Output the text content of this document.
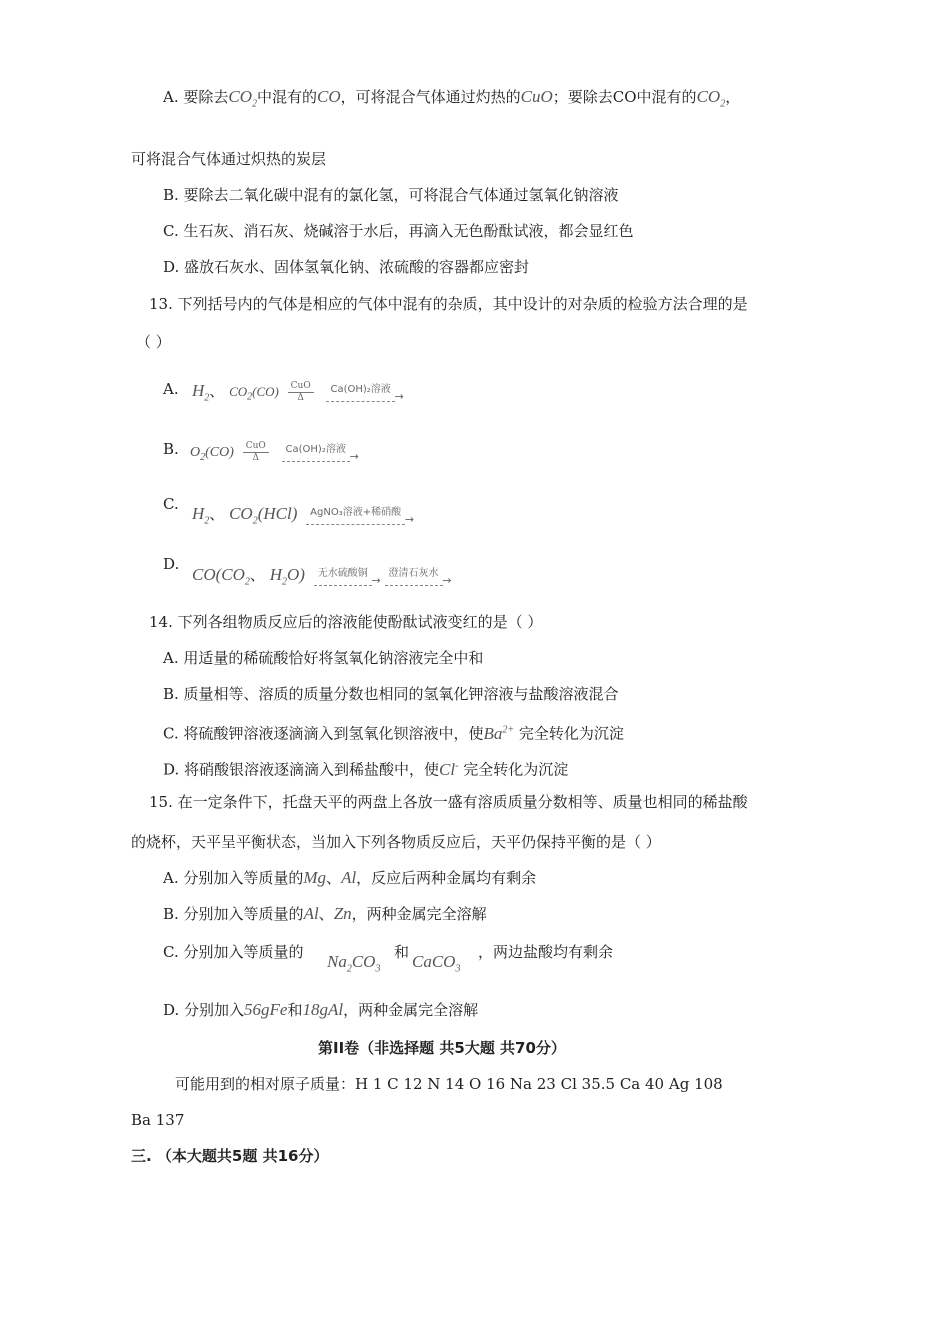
A. 要除去$CO_2$中混有的CO，可将混合气体通过灼热的CuO；要除去CO中混有的$CO_2$，
可将混合气体通过炽热的炭层
B. 要除去二氧化碳中混有的氯化氢，可将混合气体通过氢氧化钠溶液
C. 生石灰、消石灰、烧碱溶于水后，再滴入无色酚酞试液，都会显红色
D. 盛放石灰水、固体氢氧化钠、浓硫酸的容器都应密封
13. 下列括号内的气体是相应的气体中混有的杂质，其中设计的对杂质的检验方法合理的是
（ ）
A. $H_2$、 $CO_2(CO)$	CuO
Δ
Ca(OH)₂溶液 →
B. $O_2(CO)$	CuO
Δ
Ca(OH)₂溶液 →
C. $H_2$、 $CO_2(HCl)$ AgNO₃溶液+稀硝酸 →
D.
$CO(CO_2$、 $H_2O$) 无水硫酸铜 → 澄清石灰水 →
14. 下列各组物质反应后的溶液能使酚酞试液变红的是（ ）
A. 用适量的稀硫酸恰好将氢氧化钠溶液完全中和
B. 质量相等、溶质的质量分数也相同的氢氧化钾溶液与盐酸溶液混合
C. 将硫酸钾溶液逐滴滴入到氢氧化钡溶液中，使$Ba^{2+}$ 完全转化为沉淀
D. 将硝酸银溶液逐滴滴入到稀盐酸中，使Cl- 完全转化为沉淀
15. 在一定条件下，托盘天平的两盘上各放一盛有溶质质量分数相等、质量也相同的稀盐酸
的烧杯，天平呈平衡状态，当加入下列各物质反应后，天平仍保持平衡的是（ ）
A. 分别加入等质量的Mg、Al，反应后两种金属均有剩余
B. 分别加入等质量的Al、Zn，两种金属完全溶解
C. 分别加入等质量的 $Na_2CO_3$
和 CaCO$_3$
，两边盐酸均有剩余
D. 分别加入56gFe和18gAl，两种金属完全溶解
第II卷（非选择题 共5大题 共70分）
可能用到的相对原子质量：H 1 C 12 N 14 O 16 Na 23 Cl 35.5 Ca 40 Ag 108
Ba 137
三. （本大题共5题 共16分）
